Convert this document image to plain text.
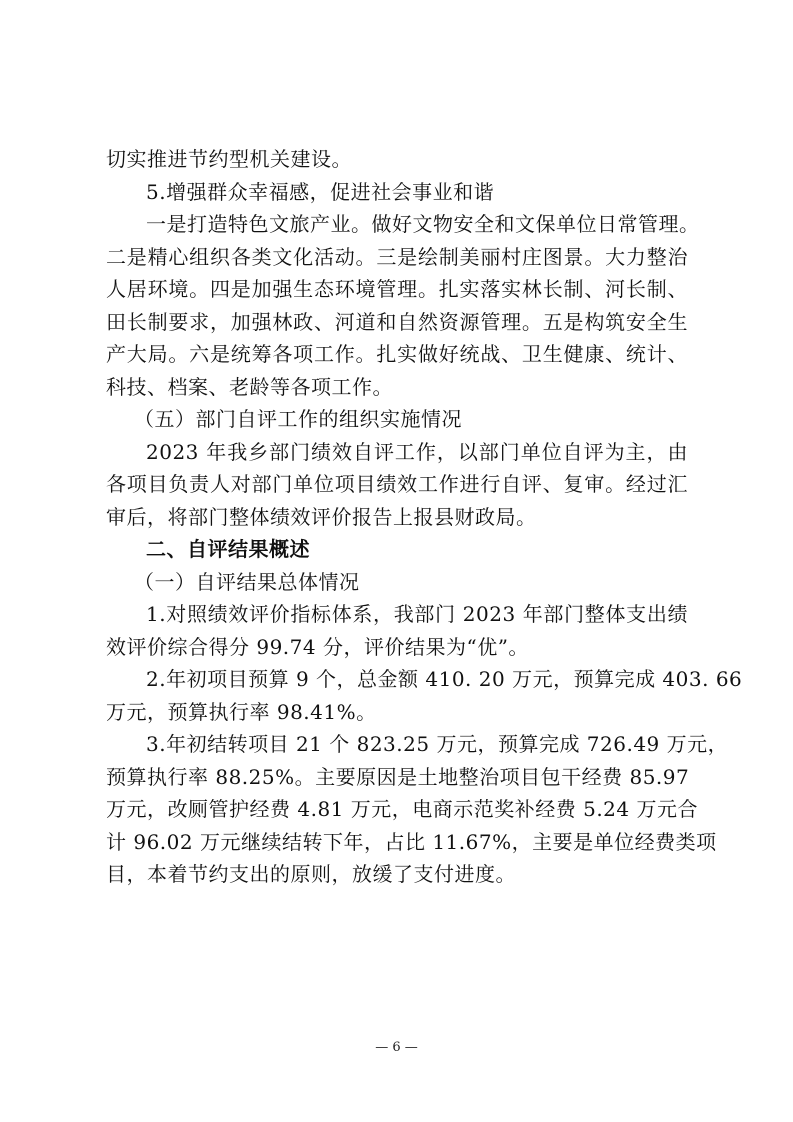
切实推进节约型机关建设。
5.增强群众幸福感，促进社会事业和谐
一是打造特色文旅产业。做好文物安全和文保单位日常管理。
二是精心组织各类文化活动。三是绘制美丽村庄图景。大力整治
人居环境。四是加强生态环境管理。扎实落实林长制、河长制、
田长制要求，加强林政、河道和自然资源管理。五是构筑安全生
产大局。六是统筹各项工作。扎实做好统战、卫生健康、统计、
科技、档案、老龄等各项工作。
（五）部门自评工作的组织实施情况
2023 年我乡部门绩效自评工作，以部门单位自评为主，由
各项目负责人对部门单位项目绩效工作进行自评、复审。经过汇
审后，将部门整体绩效评价报告上报县财政局。
二、自评结果概述
（一）自评结果总体情况
1.对照绩效评价指标体系，我部门 2023 年部门整体支出绩
效评价综合得分 99.74 分，评价结果为“优”。
2.年初项目预算 9 个，总金额 410. 20 万元，预算完成 403. 66
万元，预算执行率 98.41%。
3.年初结转项目 21 个 823.25 万元，预算完成 726.49 万元，
预算执行率 88.25%。主要原因是土地整治项目包干经费 85.97
万元，改厕管护经费 4.81 万元，电商示范奖补经费 5.24 万元合
计 96.02 万元继续结转下年，占比 11.67%，主要是单位经费类项
目，本着节约支出的原则，放缓了支付进度。
— 6 —
